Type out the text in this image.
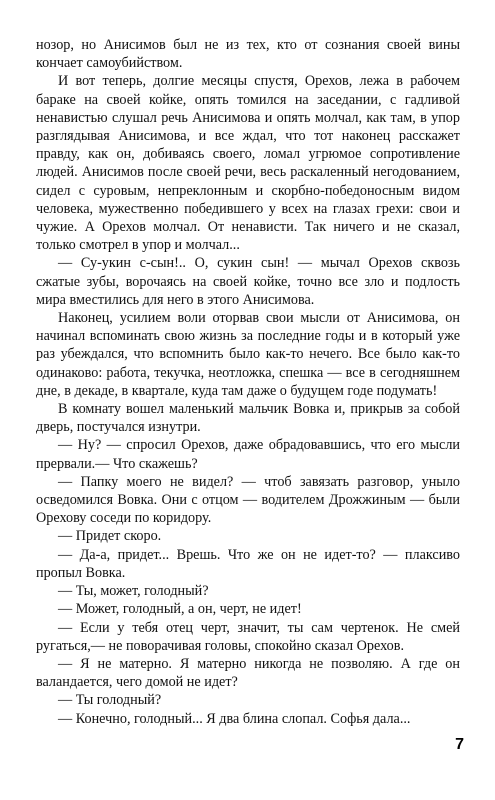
нозор, но Анисимов был не из тех, кто от сознания своей вины кончает самоубийством.

И вот теперь, долгие месяцы спустя, Орехов, лежа в рабочем бараке на своей койке, опять томился на заседании, с гадливой ненавистью слушал речь Анисимова и опять молчал, как там, в упор разглядывая Анисимова, и все ждал, что тот наконец расскажет правду, как он, добиваясь своего, ломал угрюмое сопротивление людей. Анисимов после своей речи, весь раскаленный негодованием, сидел с суровым, непреклонным и скорбно-победоносным видом человека, мужественно победившего у всех на глазах грехи: свои и чужие. А Орехов молчал. От ненависти. Так ничего и не сказал, только смотрел в упор и молчал...

— Су-укин с-сын!.. О, сукин сын! — мычал Орехов сквозь сжатые зубы, ворочаясь на своей койке, точно все зло и подлость мира вместились для него в этого Анисимова.

Наконец, усилием воли оторвав свои мысли от Анисимова, он начинал вспоминать свою жизнь за последние годы и в который уже раз убеждался, что вспомнить было как-то нечего. Все было как-то одинаково: работа, текучка, неотложка, спешка — все в сегодняшнем дне, в декаде, в квартале, куда там даже о будущем годе подумать!

В комнату вошел маленький мальчик Вовка и, прикрыв за собой дверь, постучался изнутри.

— Ну? — спросил Орехов, даже обрадовавшись, что его мысли прервали.— Что скажешь?

— Папку моего не видел? — чтоб завязать разговор, уныло осведомился Вовка. Они с отцом — водителем Дрожжиным — были Орехову соседи по коридору.

— Придет скоро.

— Да-а, придет... Врешь. Что же он не идет-то? — плаксиво пропыл Вовка.

— Ты, может, голодный?

— Может, голодный, а он, черт, не идет!

— Если у тебя отец черт, значит, ты сам чертенок. Не смей ругаться,— не поворачивая головы, спокойно сказал Орехов.

— Я не матерно. Я матерно никогда не позволяю. А где он валандается, чего домой не идет?

— Ты голодный?

— Конечно, голодный... Я два блина слопал. Софья дала...

7
